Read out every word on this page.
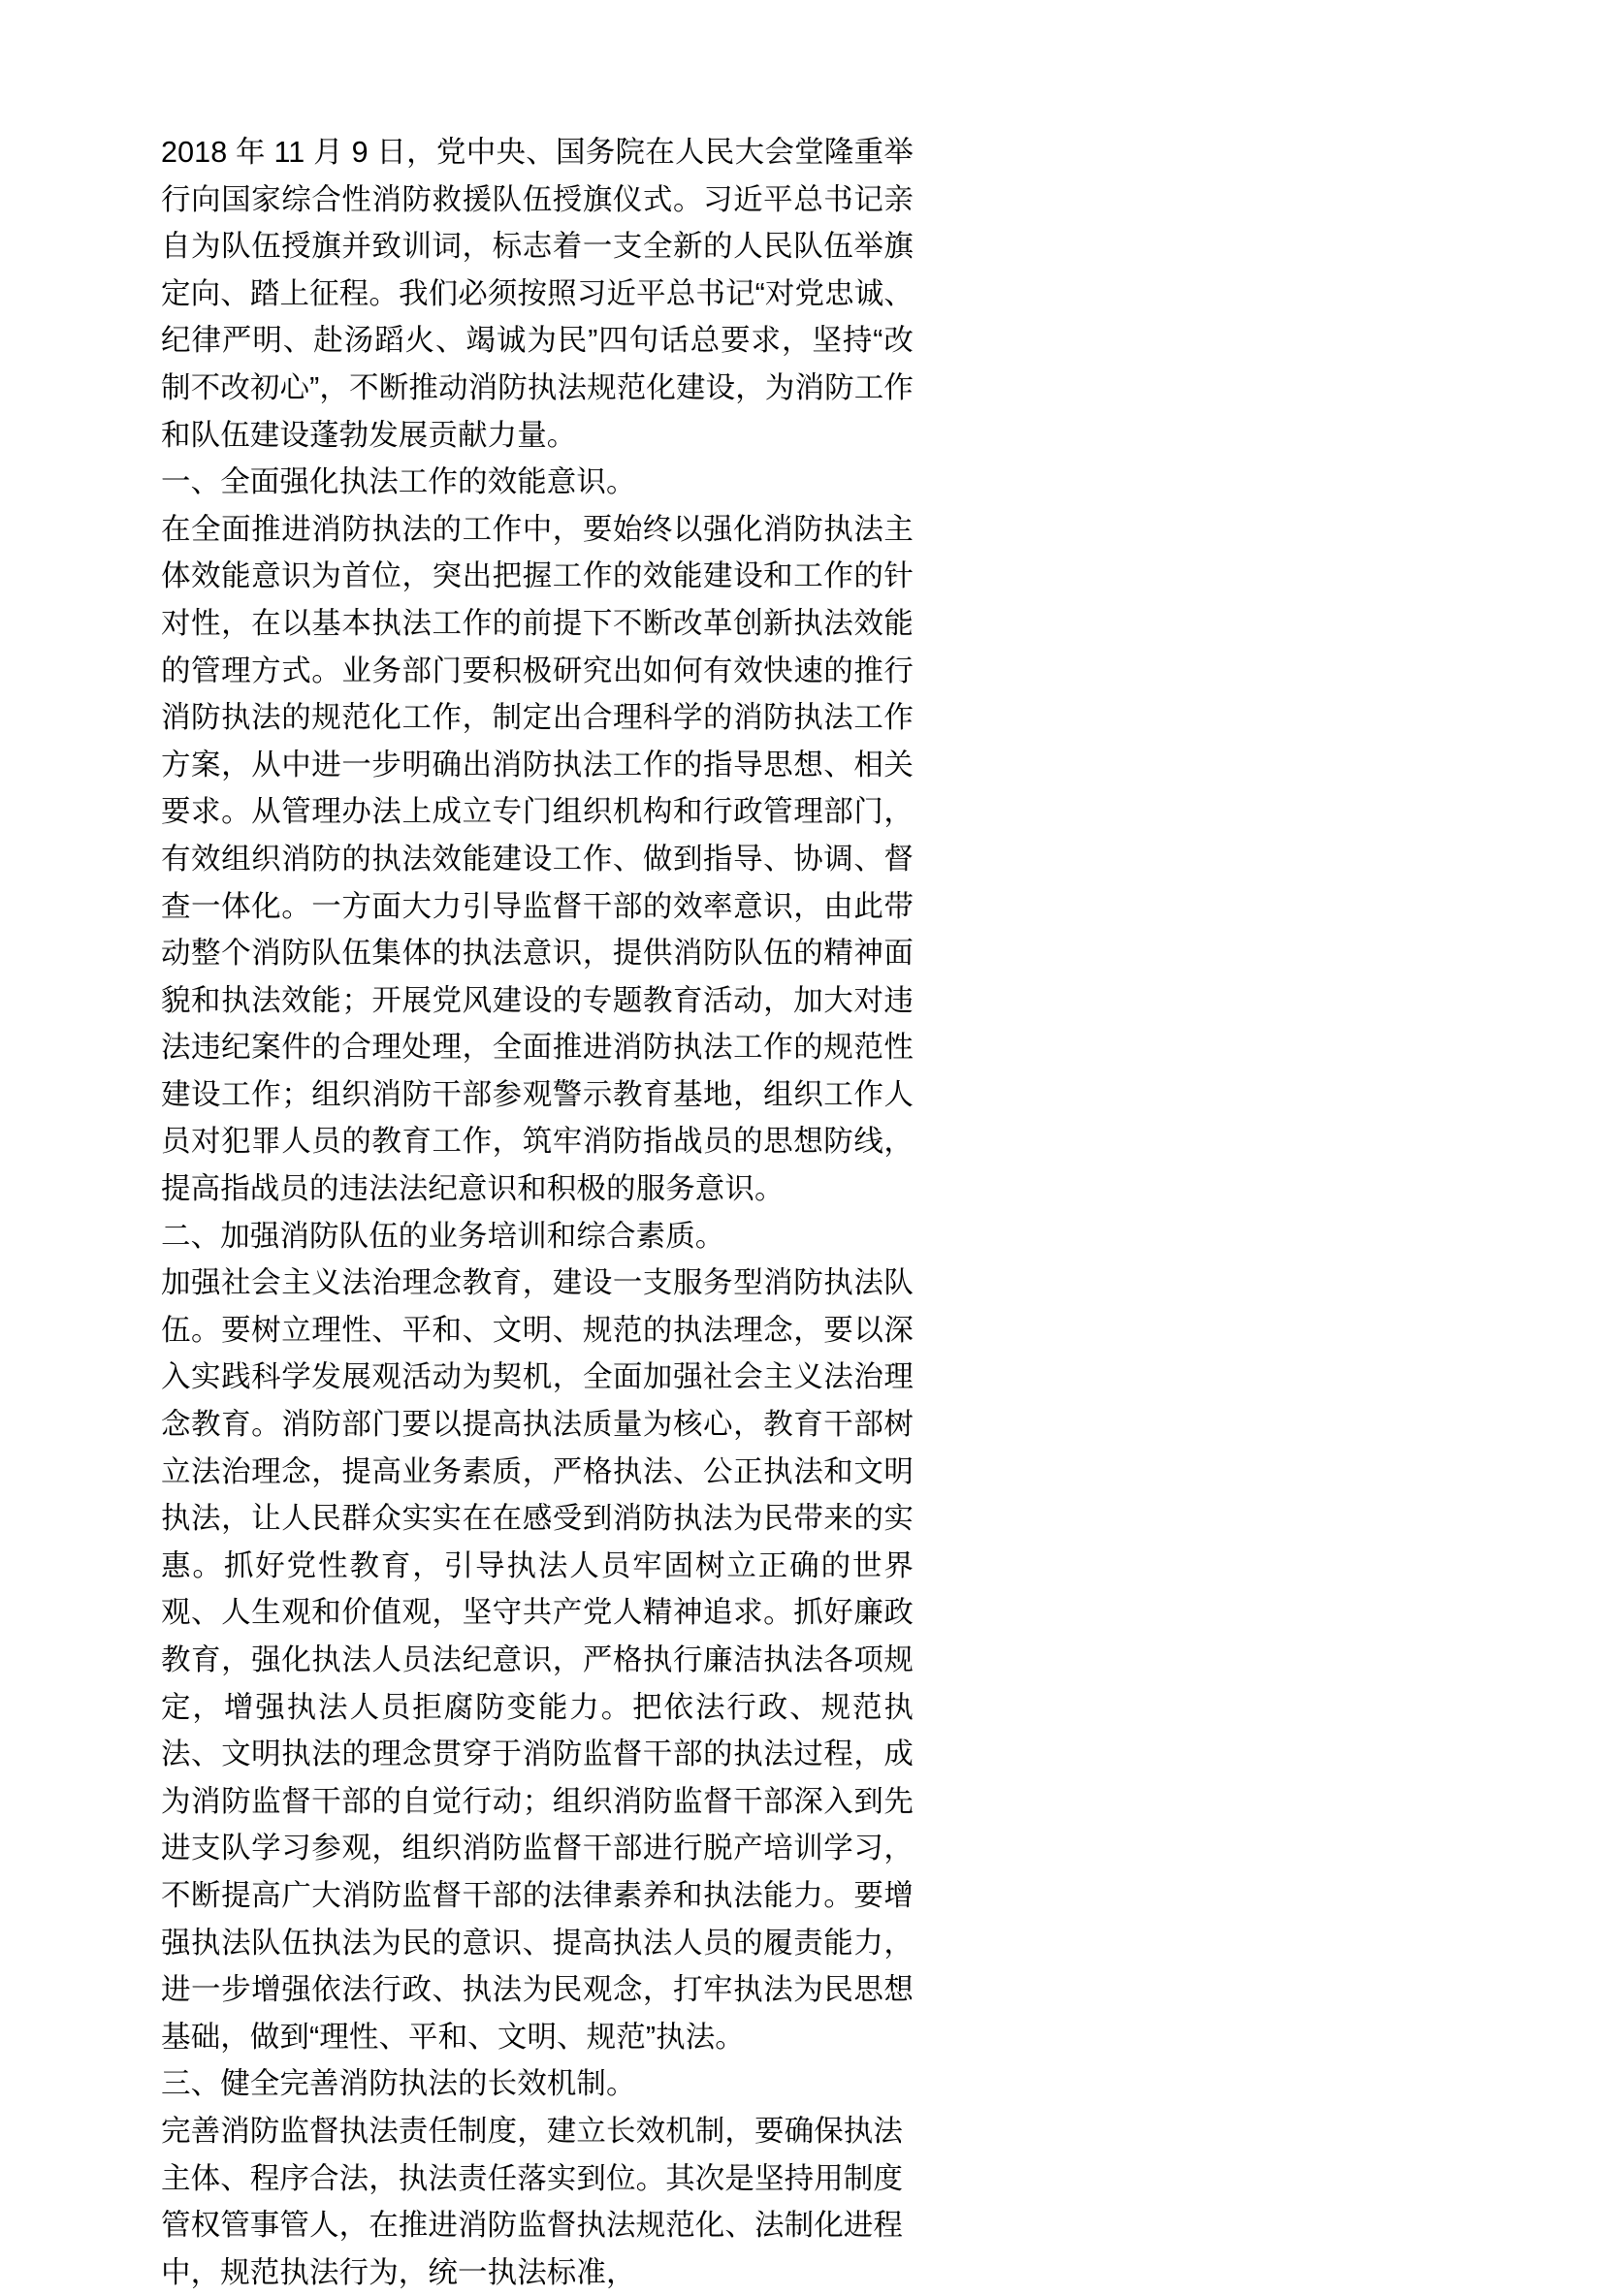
2018 年 11 月 9 日，党中央、国务院在人民大会堂隆重举行向国家综合性消防救援队伍授旗仪式。习近平总书记亲自为队伍授旗并致训词，标志着一支全新的人民队伍举旗定向、踏上征程。我们必须按照习近平总书记“对党忠诚、纪律严明、赴汤蹈火、竭诚为民”四句话总要求，坚持“改制不改初心”，不断推动消防执法规范化建设，为消防工作和队伍建设蓬勃发展贡献力量。

一、全面强化执法工作的效能意识。

在全面推进消防执法的工作中，要始终以强化消防执法主体效能意识为首位，突出把握工作的效能建设和工作的针对性，在以基本执法工作的前提下不断改革创新执法效能的管理方式。业务部门要积极研究出如何有效快速的推行消防执法的规范化工作，制定出合理科学的消防执法工作方案，从中进一步明确出消防执法工作的指导思想、相关要求。从管理办法上成立专门组织机构和行政管理部门，有效组织消防的执法效能建设工作、做到指导、协调、督查一体化。一方面大力引导监督干部的效率意识，由此带动整个消防队伍集体的执法意识，提供消防队伍的精神面貌和执法效能；开展党风建设的专题教育活动，加大对违法违纪案件的合理处理，全面推进消防执法工作的规范性建设工作；组织消防干部参观警示教育基地，组织工作人员对犯罪人员的教育工作，筑牢消防指战员的思想防线，提高指战员的违法法纪意识和积极的服务意识。

二、加强消防队伍的业务培训和综合素质。

加强社会主义法治理念教育，建设一支服务型消防执法队伍。要树立理性、平和、文明、规范的执法理念，要以深入实践科学发展观活动为契机，全面加强社会主义法治理念教育。消防部门要以提高执法质量为核心，教育干部树立法治理念，提高业务素质，严格执法、公正执法和文明执法，让人民群众实实在在感受到消防执法为民带来的实惠。抓好党性教育，引导执法人员牢固树立正确的世界观、人生观和价值观，坚守共产党人精神追求。抓好廉政教育，强化执法人员法纪意识，严格执行廉洁执法各项规定，增强执法人员拒腐防变能力。把依法行政、规范执法、文明执法的理念贯穿于消防监督干部的执法过程，成为消防监督干部的自觉行动；组织消防监督干部深入到先进支队学习参观，组织消防监督干部进行脱产培训学习，不断提高广大消防监督干部的法律素养和执法能力。要增强执法队伍执法为民的意识、提高执法人员的履责能力，进一步增强依法行政、执法为民观念，打牢执法为民思想基础，做到“理性、平和、文明、规范”执法。

三、健全完善消防执法的长效机制。

完善消防监督执法责任制度，建立长效机制，要确保执法主体、程序合法，执法责任落实到位。其次是坚持用制度管权管事管人，在推进消防监督执法规范化、法制化进程中，规范执法行为，统一执法标准，
